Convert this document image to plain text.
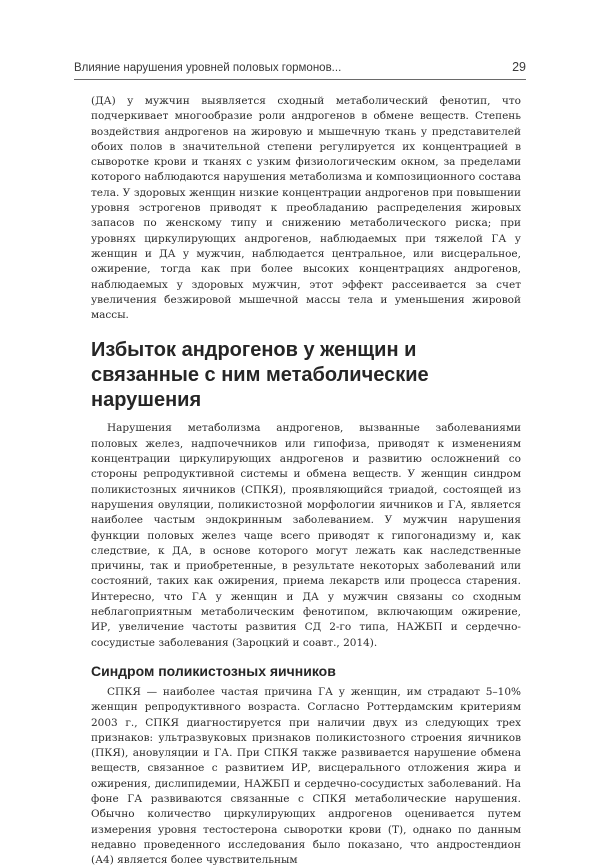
Влияние нарушения уровней половых гормонов...	29

(ДА) у мужчин выявляется сходный метаболический фенотип, что подчеркивает многообразие роли андрогенов в обмене веществ. Степень воздействия андрогенов на жировую и мышечную ткань у представителей обоих полов в значительной степени регулируется их концентрацией в сыворотке крови и тканях с узким физиологическим окном, за пределами которого наблюдаются нарушения метаболизма и композиционного состава тела. У здоровых женщин низкие концентрации андрогенов при повышении уровня эстрогенов приводят к преобладанию распределения жировых запасов по женскому типу и снижению метаболического риска; при уровнях циркулирующих андрогенов, наблюдаемых при тяжелой ГА у женщин и ДА у мужчин, наблюдается центральное, или висцеральное, ожирение, тогда как при более высоких концентрациях андрогенов, наблюдаемых у здоровых мужчин, этот эффект рассеивается за счет увеличения безжировой мышечной массы тела и уменьшения жировой массы.

Избыток андрогенов у женщин и связанные с ним метаболические нарушения

Нарушения метаболизма андрогенов, вызванные заболеваниями половых желез, надпочечников или гипофиза, приводят к изменениям концентрации циркулирующих андрогенов и развитию осложнений со стороны репродуктивной системы и обмена веществ. У женщин синдром поликистозных яичников (СПКЯ), проявляющийся триадой, состоящей из нарушения овуляции, поликистозной морфологии яичников и ГА, является наиболее частым эндокринным заболеванием. У мужчин нарушения функции половых желез чаще всего приводят к гипогонадизму и, как следствие, к ДА, в основе которого могут лежать как наследственные причины, так и приобретенные, в результате некоторых заболеваний или состояний, таких как ожирения, приема лекарств или процесса старения. Интересно, что ГА у женщин и ДА у мужчин связаны со сходным неблагоприятным метаболическим фенотипом, включающим ожирение, ИР, увеличение частоты развития СД 2-го типа, НАЖБП и сердечно-сосудистые заболевания (Зароцкий и соавт., 2014).

Синдром поликистозных яичников

СПКЯ — наиболее частая причина ГА у женщин, им страдают 5–10% женщин репродуктивного возраста. Согласно Роттердамским критериям 2003 г., СПКЯ диагностируется при наличии двух из следующих трех признаков: ультразвуковых признаков поликистозного строения яичников (ПКЯ), ановуляции и ГА. При СПКЯ также развивается нарушение обмена веществ, связанное с развитием ИР, висцерального отложения жира и ожирения, дислипидемии, НАЖБП и сердечно-сосудистых заболеваний. На фоне ГА развиваются связанные с СПКЯ метаболические нарушения. Обычно количество циркулирующих андрогенов оценивается путем измерения уровня тестостерона сыворотки крови (Т), однако по данным недавно проведенного исследования было показано, что андростендион (А4) является более чувствительным
